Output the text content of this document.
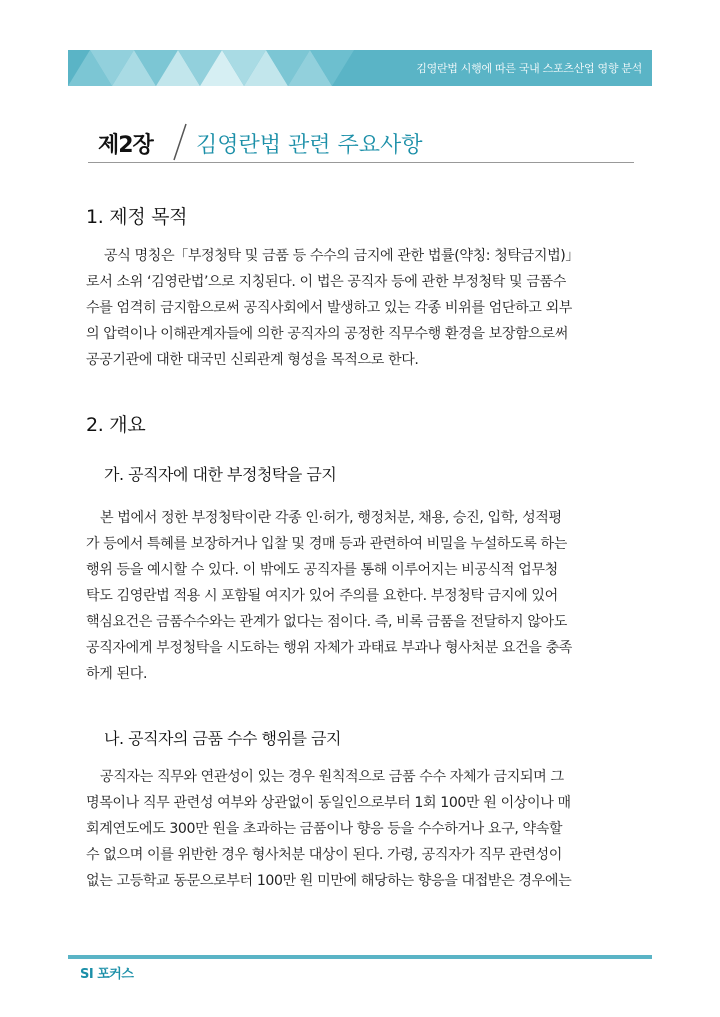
김영란법 시행에 따른 국내 스포츠산업 영향 분석
제2장 김영란법 관련 주요사항
1. 제정 목적
공식 명칭은「부정청탁 및 금품 등 수수의 금지에 관한 법률(약칭: 청탁금지법)」
로서 소위 ‘김영란법’으로 지칭된다. 이 법은 공직자 등에 관한 부정청탁 및 금품수
수를 엄격히 금지함으로써 공직사회에서 발생하고 있는 각종 비위를 엄단하고 외부
의 압력이나 이해관계자들에 의한 공직자의 공정한 직무수행 환경을 보장함으로써
공공기관에 대한 대국민 신뢰관계 형성을 목적으로 한다.
2. 개요
가. 공직자에 대한 부정청탁을 금지
본 법에서 정한 부정청탁이란 각종 인·허가, 행정처분, 채용, 승진, 입학, 성적평
가 등에서 특혜를 보장하거나 입찰 및 경매 등과 관련하여 비밀을 누설하도록 하는
행위 등을 예시할 수 있다. 이 밖에도 공직자를 통해 이루어지는 비공식적 업무청
탁도 김영란법 적용 시 포함될 여지가 있어 주의를 요한다. 부정청탁 금지에 있어
핵심요건은 금품수수와는 관계가 없다는 점이다. 즉, 비록 금품을 전달하지 않아도
공직자에게 부정청탁을 시도하는 행위 자체가 과태료 부과나 형사처분 요건을 충족
하게 된다.
나. 공직자의 금품 수수 행위를 금지
공직자는 직무와 연관성이 있는 경우 원칙적으로 금품 수수 자체가 금지되며 그
명목이나 직무 관련성 여부와 상관없이 동일인으로부터 1회 100만 원 이상이나 매
회계연도에도 300만 원을 초과하는 금품이나 향응 등을 수수하거나 요구, 약속할
수 없으며 이를 위반한 경우 형사처분 대상이 된다. 가령, 공직자가 직무 관련성이
없는 고등학교 동문으로부터 100만 원 미만에 해당하는 향응을 대접받은 경우에는
SI 포커스
